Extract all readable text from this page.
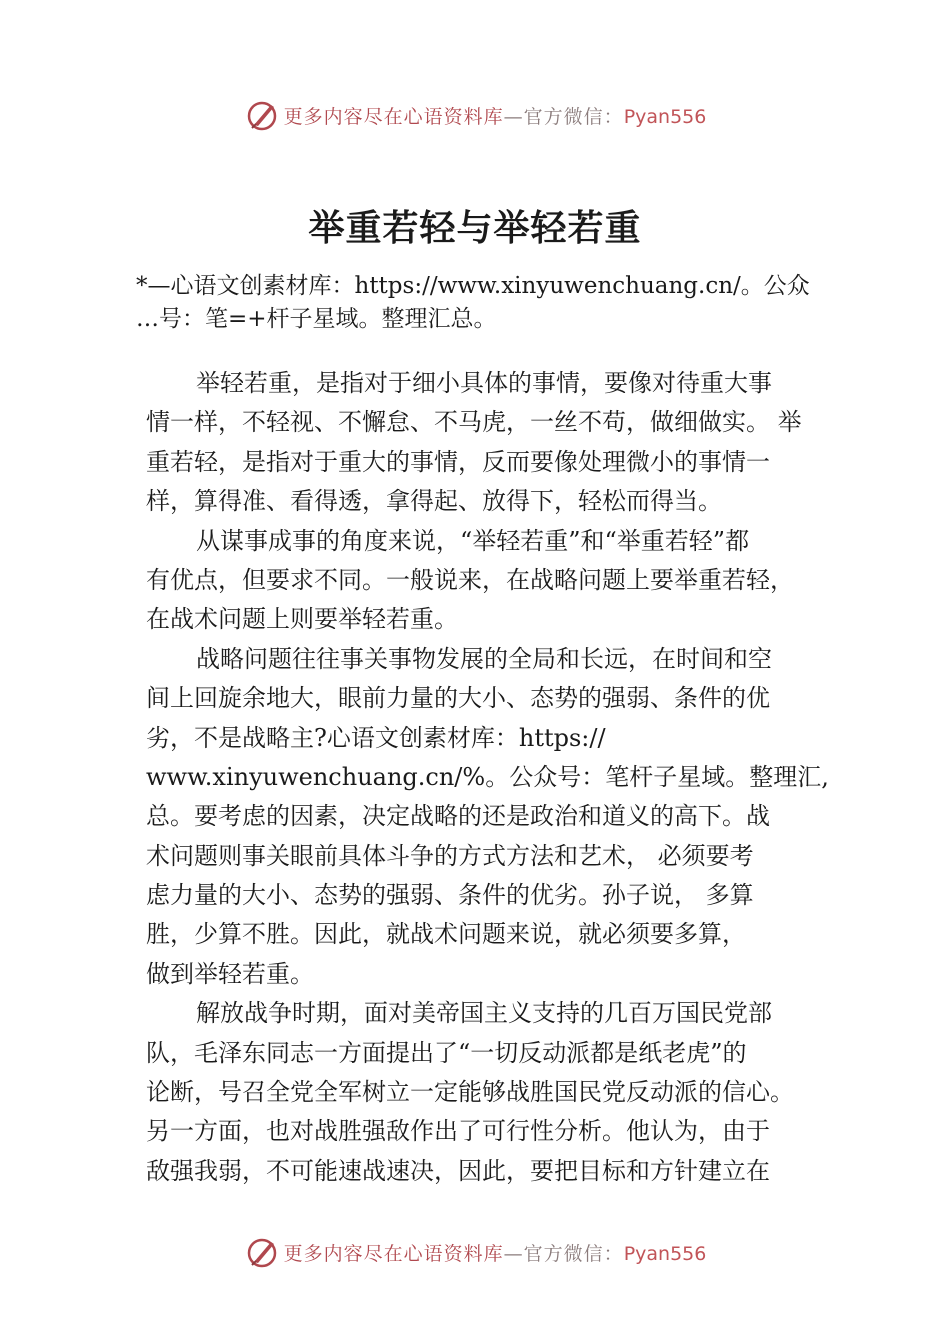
更多内容尽在心语资料库—官方微信：Pyan556
举重若轻与举轻若重
*—心语文创素材库：https://www.xinyuwenchuang.cn/。公众
…号：笔=+杆子星域。整理汇总。
举轻若重，是指对于细小具体的事情，要像对待重大事
情一样，不轻视、不懈怠、不马虎，一丝不苟，做细做实。 举
重若轻，是指对于重大的事情，反而要像处理微小的事情一
样，算得准、看得透，拿得起、放得下，轻松而得当。
从谋事成事的角度来说，“举轻若重”和“举重若轻”都
有优点，但要求不同。一般说来，在战略问题上要举重若轻，
在战术问题上则要举轻若重。
战略问题往往事关事物发展的全局和长远，在时间和空
间上回旋余地大，眼前力量的大小、态势的强弱、条件的优
劣，不是战略主?心语文创素材库：https://
www.xinyuwenchuang.cn/%。公众号：笔杆子星域。整理汇,
总。要考虑的因素，决定战略的还是政治和道义的高下。战
术问题则事关眼前具体斗争的方式方法和艺术， 必须要考
虑力量的大小、态势的强弱、条件的优劣。孙子说， 多算
胜，少算不胜。因此，就战术问题来说，就必须要多算，
做到举轻若重。
解放战争时期，面对美帝国主义支持的几百万国民党部
队，毛泽东同志一方面提出了“一切反动派都是纸老虎”的
论断，号召全党全军树立一定能够战胜国民党反动派的信心。
另一方面，也对战胜强敌作出了可行性分析。他认为，由于
敌强我弱，不可能速战速决，因此，要把目标和方针建立在
更多内容尽在心语资料库—官方微信：Pyan556
